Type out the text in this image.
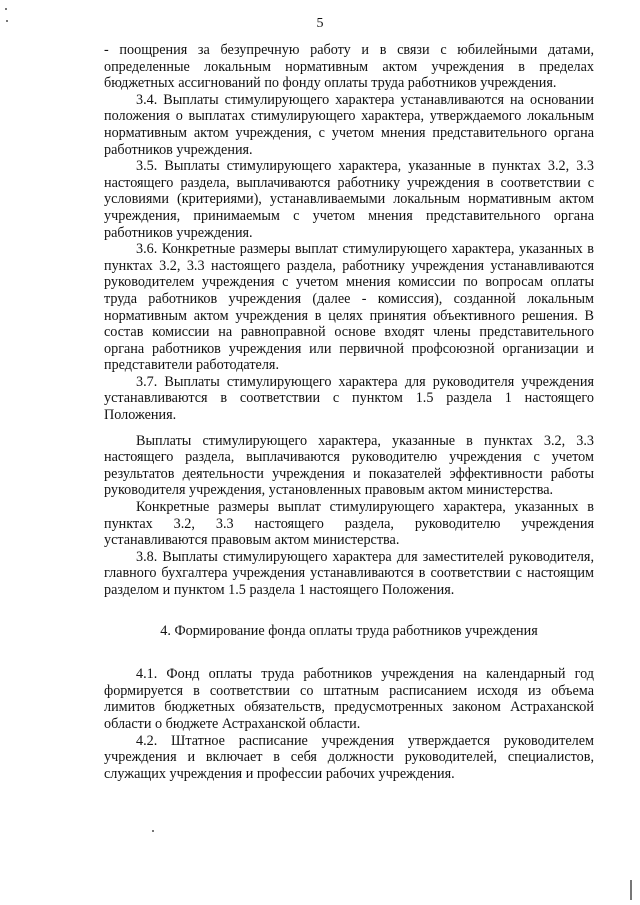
5

- поощрения за безупречную работу и в связи с юбилейными датами, определенные локальным нормативным актом учреждения в пределах бюджетных ассигнований по фонду оплаты труда работников учреждения.

3.4. Выплаты стимулирующего характера устанавливаются на основании положения о выплатах стимулирующего характера, утверждаемого локальным нормативным актом учреждения, с учетом мнения представительного органа работников учреждения.

3.5. Выплаты стимулирующего характера, указанные в пунктах 3.2, 3.3 настоящего раздела, выплачиваются работнику учреждения в соответствии с условиями (критериями), устанавливаемыми локальным нормативным актом учреждения, принимаемым с учетом мнения представительного органа работников учреждения.

3.6. Конкретные размеры выплат стимулирующего характера, указанных в пунктах 3.2, 3.3 настоящего раздела, работнику учреждения устанавливаются руководителем учреждения с учетом мнения комиссии по вопросам оплаты труда работников учреждения (далее - комиссия), созданной локальным нормативным актом учреждения в целях принятия объективного решения. В состав комиссии на равноправной основе входят члены представительного органа работников учреждения или первичной профсоюзной организации и представители работодателя.

3.7. Выплаты стимулирующего характера для руководителя учреждения устанавливаются в соответствии с пунктом 1.5 раздела 1 настоящего Положения.

Выплаты стимулирующего характера, указанные в пунктах 3.2, 3.3 настоящего раздела, выплачиваются руководителю учреждения с учетом результатов деятельности учреждения и показателей эффективности работы руководителя учреждения, установленных правовым актом министерства.

Конкретные размеры выплат стимулирующего характера, указанных в пунктах 3.2, 3.3 настоящего раздела, руководителю учреждения устанавливаются правовым актом министерства.

3.8. Выплаты стимулирующего характера для заместителей руководителя, главного бухгалтера учреждения устанавливаются в соответствии с настоящим разделом и пунктом 1.5 раздела 1 настоящего Положения.

4. Формирование фонда оплаты труда работников учреждения

4.1. Фонд оплаты труда работников учреждения на календарный год формируется в соответствии со штатным расписанием исходя из объема лимитов бюджетных обязательств, предусмотренных законом Астраханской области о бюджете Астраханской области.

4.2. Штатное расписание учреждения утверждается руководителем учреждения и включает в себя должности руководителей, специалистов, служащих учреждения и профессии рабочих учреждения.
